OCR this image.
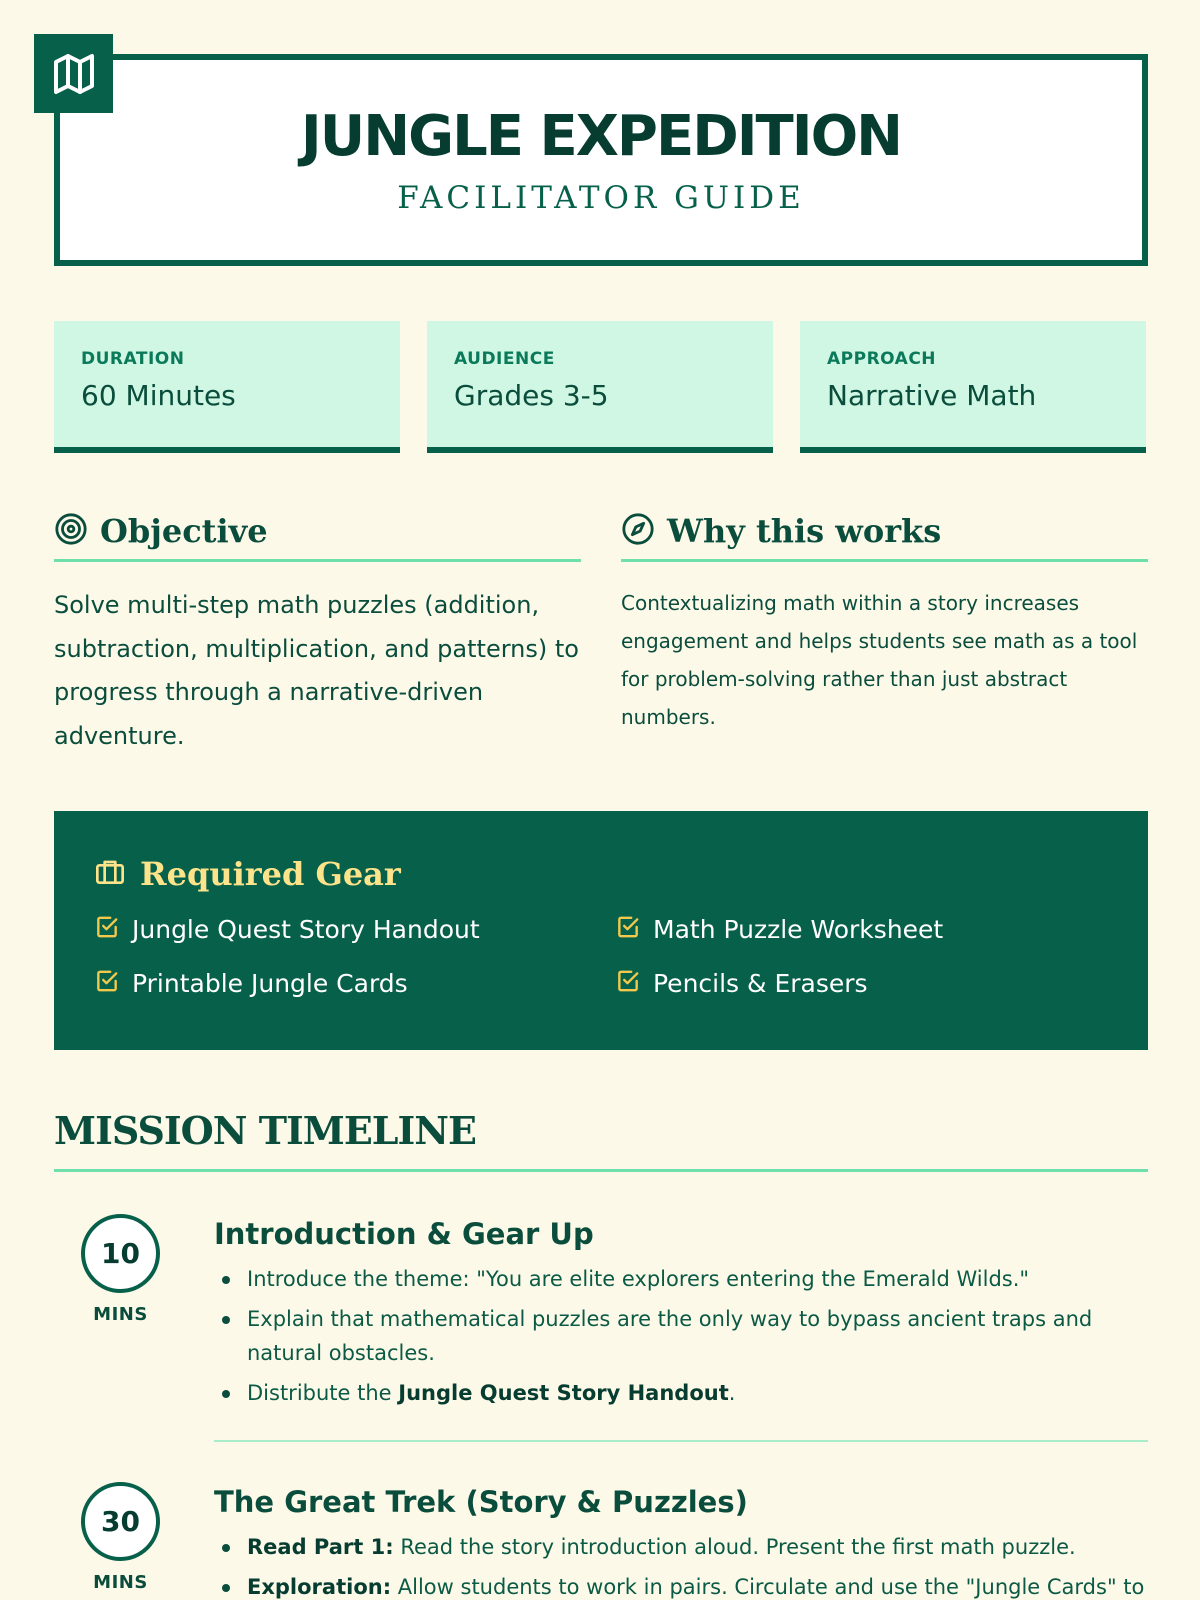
JUNGLE EXPEDITION
FACILITATOR GUIDE
DURATION
60 Minutes
AUDIENCE
Grades 3-5
APPROACH
Narrative Math
Objective

Solve multi-step math puzzles (addition, subtraction, multiplication, and patterns) to progress through a narrative-driven adventure.

Why this works

Contextualizing math within a story increases engagement and helps students see math as a tool for problem-solving rather than just abstract numbers.

Required Gear
Jungle Quest Story Handout	Math Puzzle Worksheet
Printable Jungle Cards	Pencils & Erasers
MISSION TIMELINE
10
MINS
Introduction & Gear Up
Introduce the theme: "You are elite explorers entering the Emerald Wilds."
Explain that mathematical puzzles are the only way to bypass ancient traps and natural obstacles.
Distribute the Jungle Quest Story Handout.
30
MINS
The Great Trek (Story & Puzzles)
Read Part 1: Read the story introduction aloud. Present the first math puzzle.
Exploration: Allow students to work in pairs. Circulate and use the "Jungle Cards" to
